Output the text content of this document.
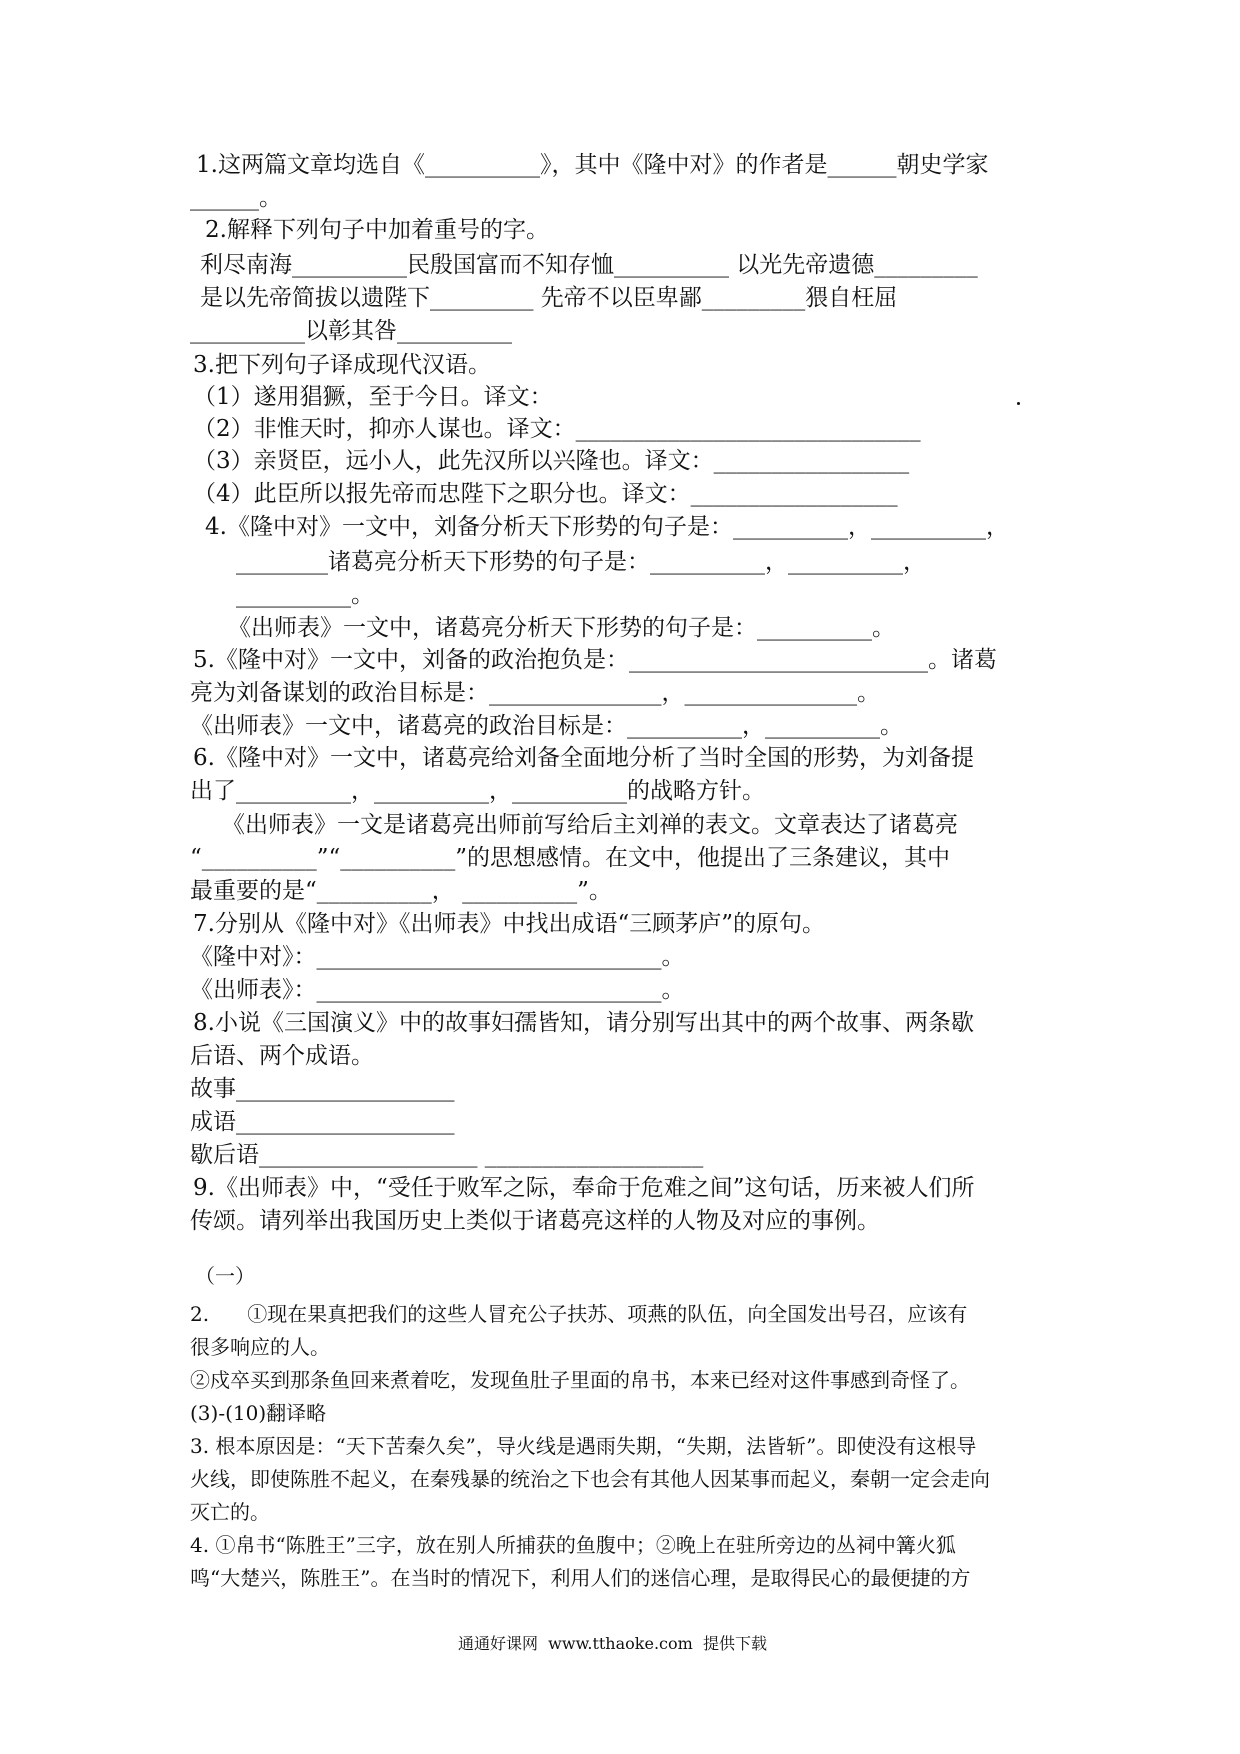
1.这两篇文章均选自《__________》，其中《隆中对》的作者是______朝史学家
______。
2.解释下列句子中加着重号的字。
利尽南海__________民殷国富而不知存恤__________ 以光先帝遗德_________
是以先帝简拔以遗陛下_________ 先帝不以臣卑鄙_________猥自枉屈
__________以彰其咎__________
3.把下列句子译成现代汉语。
（1）遂用猖獗，至于今日。译文：
（2）非惟天时，抑亦人谋也。译文：______________________________
（3）亲贤臣，远小人，此先汉所以兴隆也。译文：_________________
（4）此臣所以报先帝而忠陛下之职分也。译文：__________________
4.《隆中对》一文中，刘备分析天下形势的句子是：__________，__________，
________诸葛亮分析天下形势的句子是：__________，__________，
__________。
《出师表》一文中，诸葛亮分析天下形势的句子是：__________。
5.《隆中对》一文中，刘备的政治抱负是：__________________________。诸葛
亮为刘备谋划的政治目标是：_______________，_______________。
《出师表》一文中，诸葛亮的政治目标是：__________，__________。
6.《隆中对》一文中，诸葛亮给刘备全面地分析了当时全国的形势，为刘备提
出了__________，__________，__________的战略方针。
《出师表》一文是诸葛亮出师前写给后主刘禅的表文。文章表达了诸葛亮
“__________”“__________”的思想感情。在文中，他提出了三条建议，其中
最重要的是“__________， __________”。
7.分别从《隆中对》《出师表》中找出成语“三顾茅庐”的原句。
《隆中对》：______________________________。
《出师表》：______________________________。
8.小说《三国演义》中的故事妇孺皆知，请分别写出其中的两个故事、两条歇
后语、两个成语。
故事___________________
成语___________________
歇后语___________________ ___________________
9.《出师表》中，“受任于败军之际，奉命于危难之间”这句话，历来被人们所
传颂。请列举出我国历史上类似于诸葛亮这样的人物及对应的事例。
（一）
2.      ①现在果真把我们的这些人冒充公子扶苏、项燕的队伍，向全国发出号召，应该有
很多响应的人。
②戍卒买到那条鱼回来煮着吃，发现鱼肚子里面的帛书，本来已经对这件事感到奇怪了。
(3)-(10)翻译略
3. 根本原因是：“天下苦秦久矣”，导火线是遇雨失期，“失期，法皆斩”。即使没有这根导
火线，即使陈胜不起义，在秦残暴的统治之下也会有其他人因某事而起义，秦朝一定会走向
灭亡的。
4. ①帛书“陈胜王”三字，放在别人所捕获的鱼腹中；②晚上在驻所旁边的丛祠中篝火狐
鸣“大楚兴，陈胜王”。在当时的情况下，利用人们的迷信心理，是取得民心的最便捷的方
通通好课网  www.tthaoke.com  提供下载
